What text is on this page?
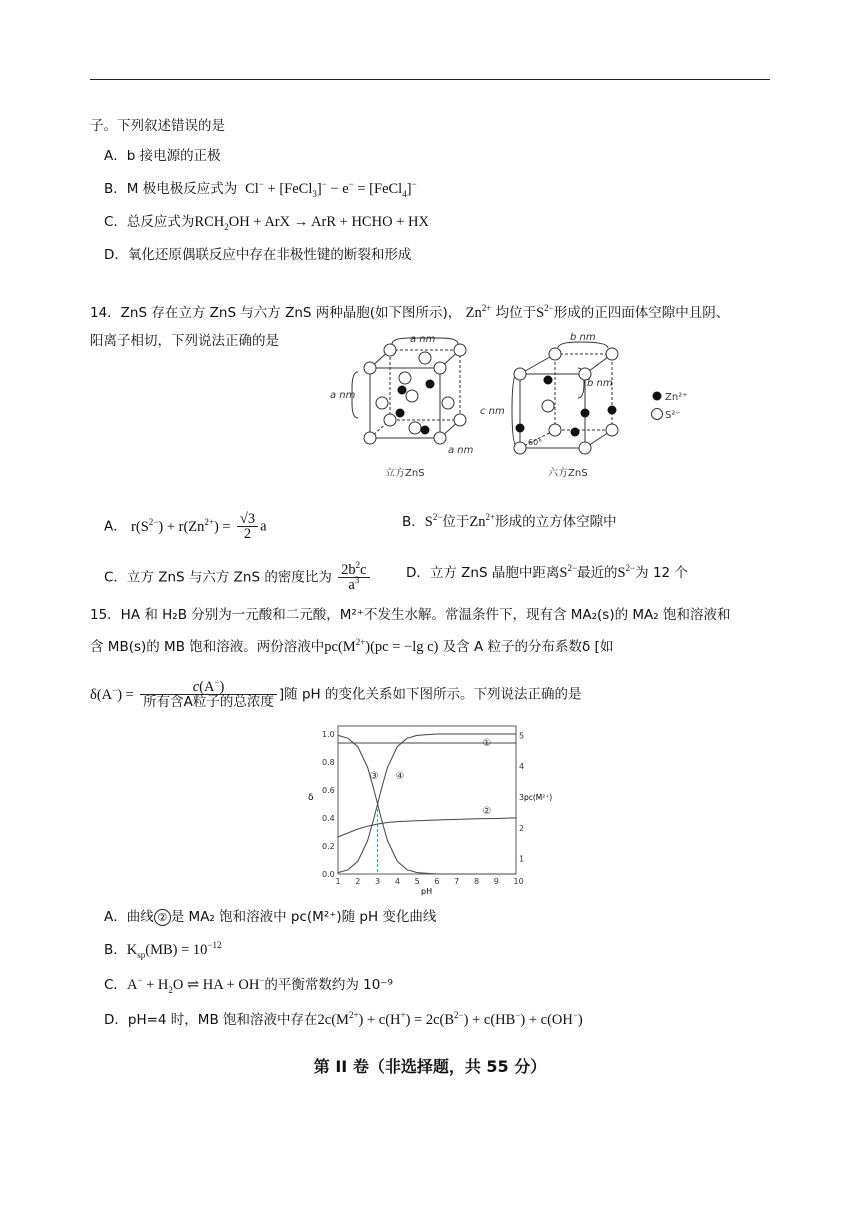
子。下列叙述错误的是
A．b 接电源的正极
B．M 极电极反应式为  Cl− + [FeCl$_3$]− − e− = [FeCl$_4$]−
C．总反应式为$RCH_2OH$ + ArX → ArR + HCHO + HX
D．氧化还原偶联反应中存在非极性键的断裂和形成
14．ZnS 存在立方 ZnS 与六方 ZnS 两种晶胞(如下图所示)， $Zn^{2+}$ 均位于$S^{2-}$形成的正四面体空隙中且阴、
阳离子相切，下列说法正确的是	a nm
a nm
a nm
b nm
b nm
c nm
60°
立方ZnS	六方ZnS
Zn²⁺
S²⁻
A． $r(S^{2-}) + r(Zn^{2+}) = \frac{√3}{2}$ a	B．$S^{2-}$位于$Zn^{2+}$形成的立方体空隙中
C．立方 ZnS 与六方 ZnS 的密度比为 $\frac{2b^2c}{a^3}$	D．立方 ZnS 晶胞中距离$S^{2-}$最近的$S^{2-}$为 12 个
15．HA 和 H₂B 分别为一元酸和二元酸，M²⁺不发生水解。常温条件下，现有含 MA₂(s)的 MA₂ 饱和溶液和
含 MB(s)的 MB 饱和溶液。两份溶液中$pc(M^{2+})(pc = -\lg$ c) 及含 A 粒子的分布系数δ [如
$\delta(A^-) = \frac{c(A^-)}{\text{所有含A粒子的总浓度}}$ ]随 pH 的变化关系如下图所示。下列说法正确的是
①
②
③ ④
1 2 3 4 5 6 7 8 9 10
0.0
0.2
0.4
0.6
0.8
1.0
1
2
3
4
5
δ	pc(M²⁺)
pH
A．曲线 ② 是 MA₂ 饱和溶液中 pc(M²⁺)随 pH 变化曲线
B．$K_{sp}(MB) = 10^{-12}$
C．$A^- + H_2O$ ⇌ HA + OH−的平衡常数约为 10⁻⁹
D．pH=4 时，MB 饱和溶液中存在$2c(M^{2+}) + c(H^+) = 2c(B^{2-}) + c(HB^-) + c(OH^-)$
第 II 卷（非选择题，共 55 分）
